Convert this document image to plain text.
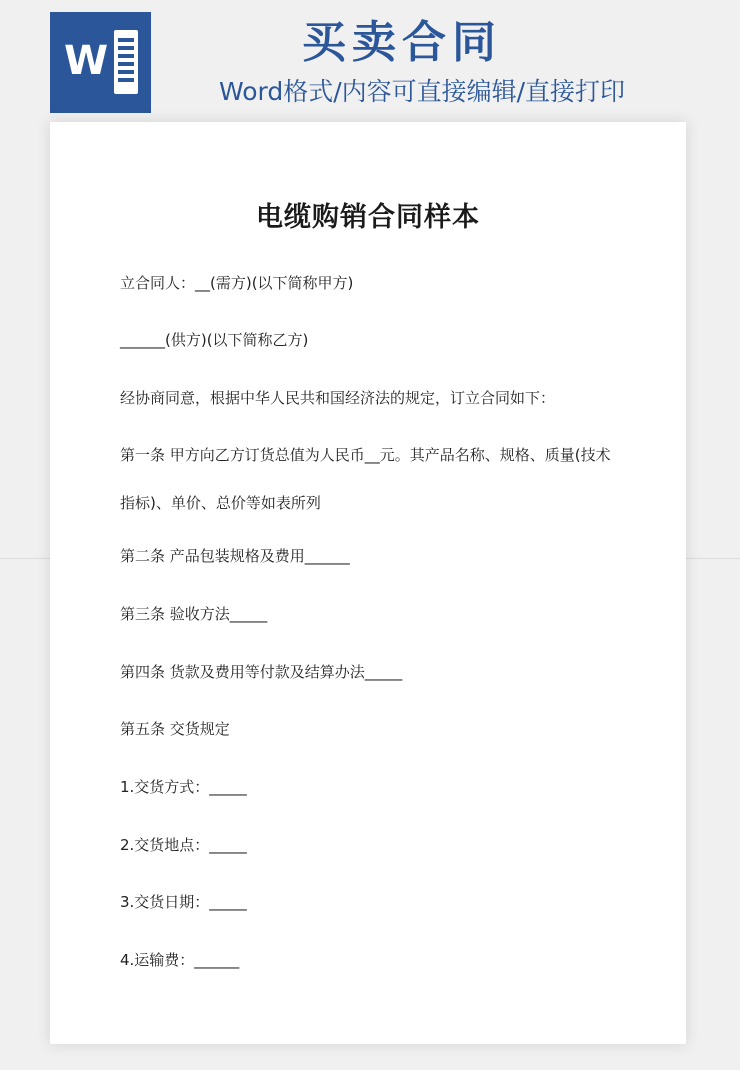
W	买卖合同
Word格式/内容可直接编辑/直接打印
电缆购销合同样本
立合同人：__(需方)(以下简称甲方)
______(供方)(以下简称乙方)
经协商同意，根据中华人民共和国经济法的规定，订立合同如下：
第一条 甲方向乙方订货总值为人民币__元。其产品名称、规格、质量(技术指标)、单价、总价等如表所列
第二条 产品包装规格及费用______
第三条 验收方法_____
第四条 货款及费用等付款及结算办法_____
第五条 交货规定
1.交货方式：_____
2.交货地点：_____
3.交货日期：_____
4.运输费：______
